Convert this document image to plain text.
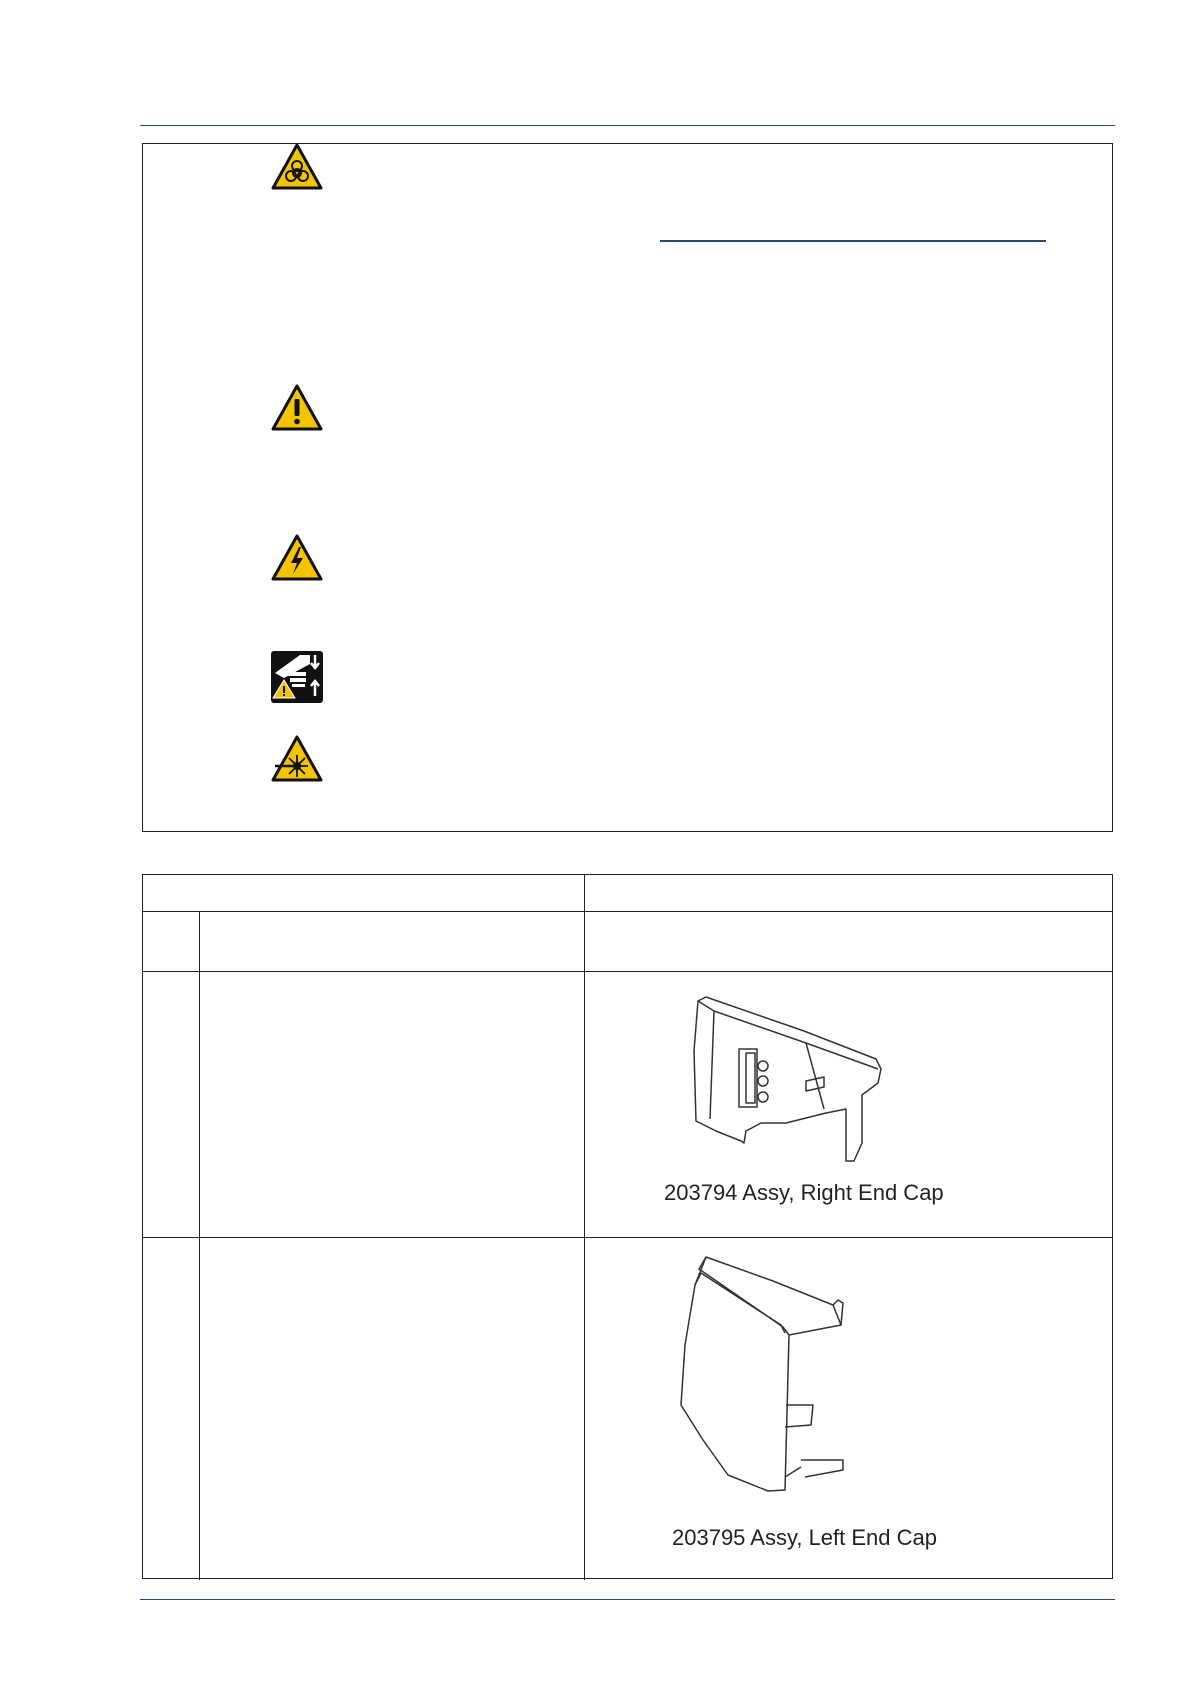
203794 Assy, Right End Cap
203795 Assy, Left End Cap
